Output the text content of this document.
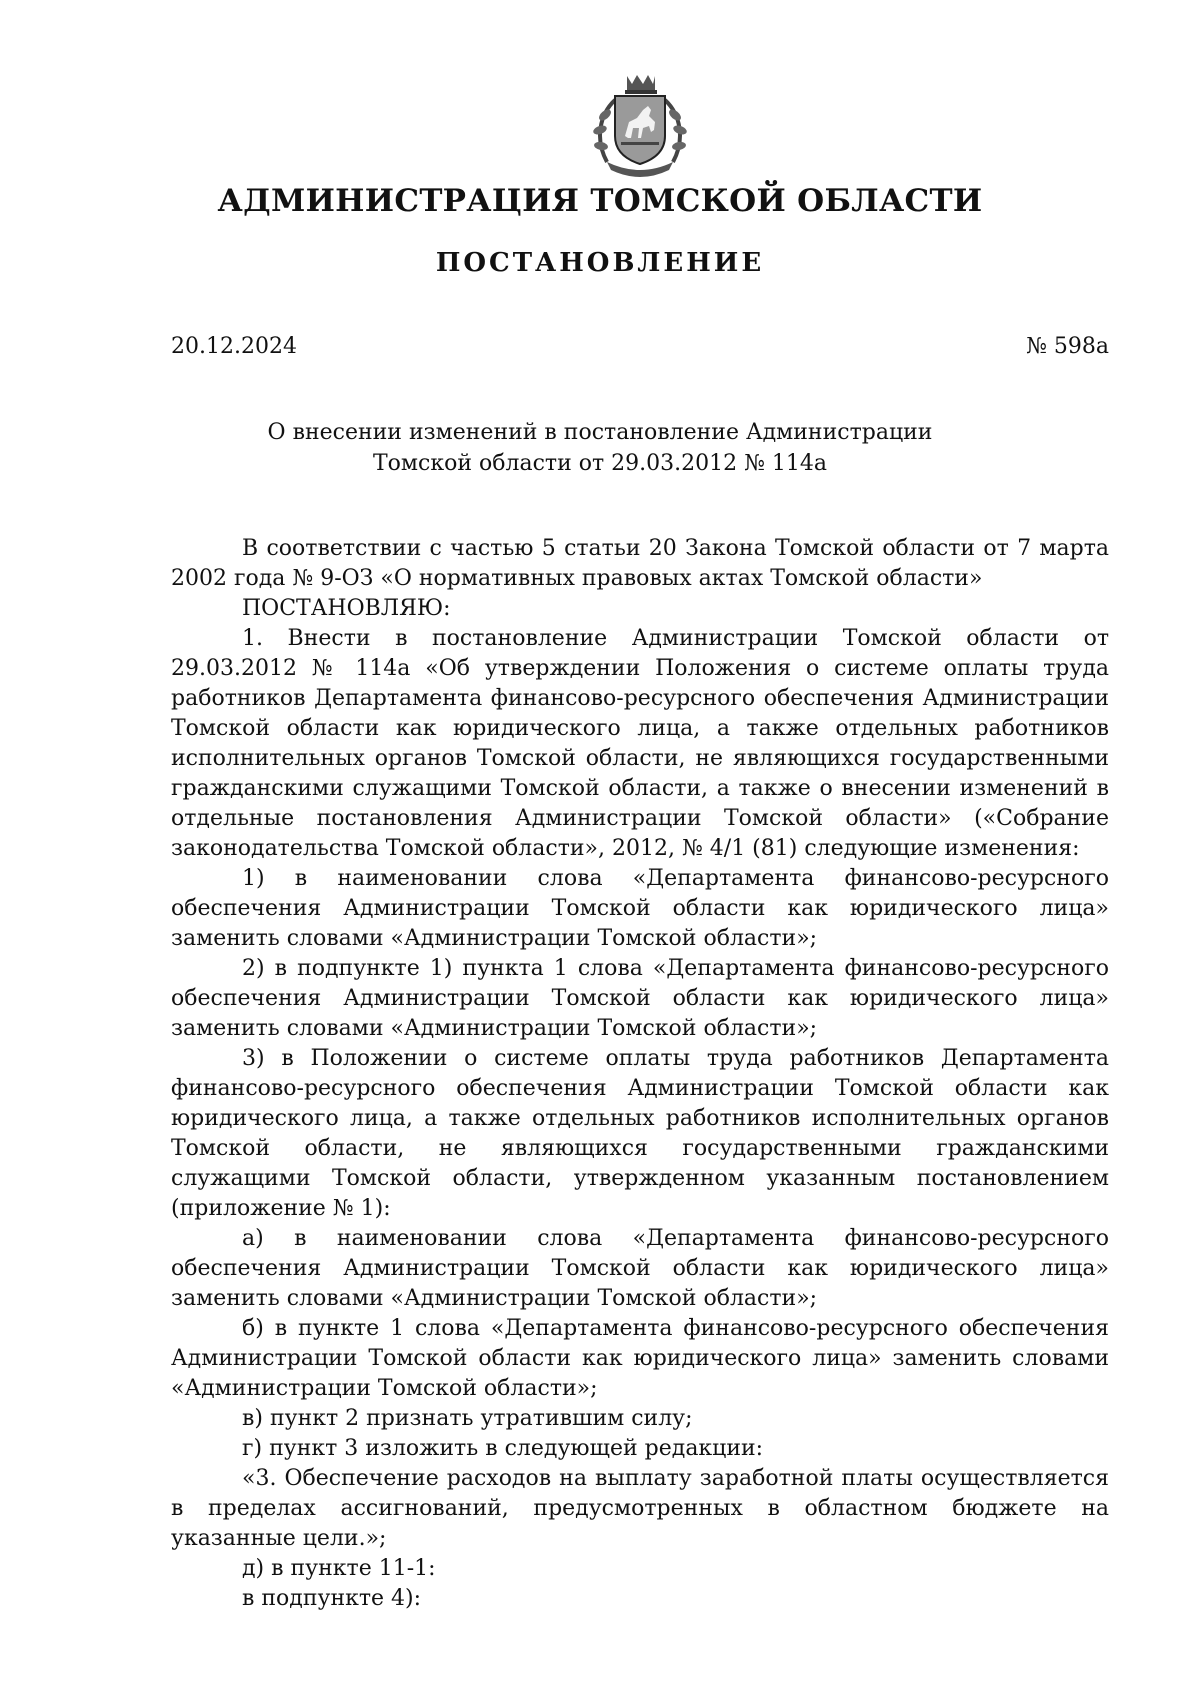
АДМИНИСТРАЦИЯ ТОМСКОЙ ОБЛАСТИ
ПОСТАНОВЛЕНИЕ
20.12.2024	№ 598а
О внесении изменений в постановление Администрации
Томской области от 29.03.2012 № 114а

В соответствии с частью 5 статьи 20 Закона Томской области от 7 марта 2002 года № 9-ОЗ «О нормативных правовых актах Томской области»

ПОСТАНОВЛЯЮ:

1. Внести в постановление Администрации Томской области от 29.03.2012 № 114а «Об утверждении Положения о системе оплаты труда работников Департамента финансово-ресурсного обеспечения Администрации Томской области как юридического лица, а также отдельных работников исполнительных органов Томской области, не являющихся государственными гражданскими служащими Томской области, а также о внесении изменений в отдельные постановления Администрации Томской области» («Собрание законодательства Томской области», 2012, № 4/1 (81) следующие изменения:

1) в наименовании слова «Департамента финансово-ресурсного обеспечения Администрации Томской области как юридического лица» заменить словами «Администрации Томской области»;

2) в подпункте 1) пункта 1 слова «Департамента финансово-ресурсного обеспечения Администрации Томской области как юридического лица» заменить словами «Администрации Томской области»;

3) в Положении о системе оплаты труда работников Департамента финансово-ресурсного обеспечения Администрации Томской области как юридического лица, а также отдельных работников исполнительных органов Томской области, не являющихся государственными гражданскими служащими Томской области, утвержденном указанным постановлением (приложение № 1):

а) в наименовании слова «Департамента финансово-ресурсного обеспечения Администрации Томской области как юридического лица» заменить словами «Администрации Томской области»;

б) в пункте 1 слова «Департамента финансово-ресурсного обеспечения Администрации Томской области как юридического лица» заменить словами «Администрации Томской области»;

в) пункт 2 признать утратившим силу;

г) пункт 3 изложить в следующей редакции:

«3. Обеспечение расходов на выплату заработной платы осуществляется в пределах ассигнований, предусмотренных в областном бюджете на указанные цели.»;

д) в пункте 11-1:

в подпункте 4):
